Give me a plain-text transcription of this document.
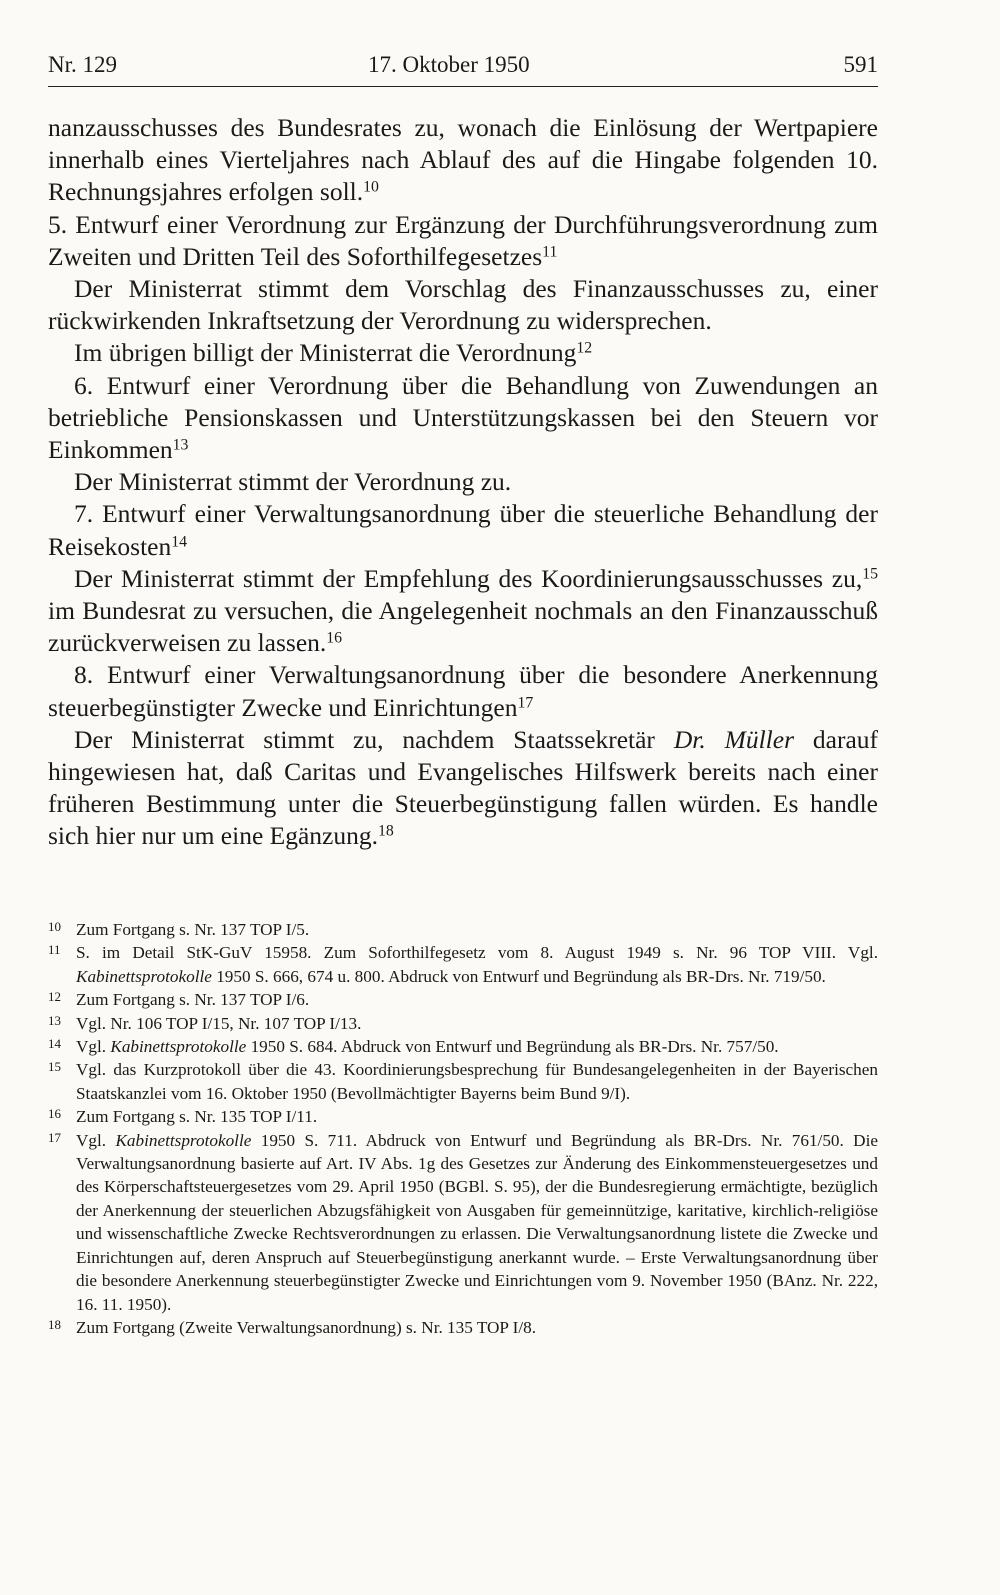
Nr. 129	17. Oktober 1950	591

nanzausschusses des Bundesrates zu, wonach die Einlösung der Wertpapiere innerhalb eines Vierteljahres nach Ablauf des auf die Hingabe folgenden 10. Rechnungsjahres erfolgen soll.$^{10}$

5. Entwurf einer Verordnung zur Ergänzung der Durchführungsverordnung zum Zweiten und Dritten Teil des Soforthilfegesetzes$^{11}$

Der Ministerrat stimmt dem Vorschlag des Finanzausschusses zu, einer rückwirkenden Inkraftsetzung der Verordnung zu widersprechen.

Im übrigen billigt der Ministerrat die Verordnung$^{12}$

6. Entwurf einer Verordnung über die Behandlung von Zuwendungen an betriebliche Pensionskassen und Unterstützungskassen bei den Steuern vor Einkommen$^{13}$

Der Ministerrat stimmt der Verordnung zu.

7. Entwurf einer Verwaltungsanordnung über die steuerliche Behandlung der Reisekosten$^{14}$

Der Ministerrat stimmt der Empfehlung des Koordinierungsausschusses zu,$^{15}$ im Bundesrat zu versuchen, die Angelegenheit nochmals an den Finanzausschuß zurückverweisen zu lassen.$^{16}$

8. Entwurf einer Verwaltungsanordnung über die besondere Anerkennung steuerbegünstigter Zwecke und Einrichtungen$^{17}$

Der Ministerrat stimmt zu, nachdem Staatssekretär Dr. Müller darauf hingewiesen hat, daß Caritas und Evangelisches Hilfswerk bereits nach einer früheren Bestimmung unter die Steuerbegünstigung fallen würden. Es handle sich hier nur um eine Egänzung.$^{18}$

10 Zum Fortgang s. Nr. 137 TOP I/5.
11 S. im Detail StK-GuV 15958. Zum Soforthilfegesetz vom 8. August 1949 s. Nr. 96 TOP VIII. Vgl. Kabinettsprotokolle 1950 S. 666, 674 u. 800. Abdruck von Entwurf und Begründung als BR-Drs. Nr. 719/50.
12 Zum Fortgang s. Nr. 137 TOP I/6.
13 Vgl. Nr. 106 TOP I/15, Nr. 107 TOP I/13.
14 Vgl. Kabinettsprotokolle 1950 S. 684. Abdruck von Entwurf und Begründung als BR-Drs. Nr. 757/50.
15 Vgl. das Kurzprotokoll über die 43. Koordinierungsbesprechung für Bundesangelegenheiten in der Bayerischen Staatskanzlei vom 16. Oktober 1950 (Bevollmächtigter Bayerns beim Bund 9/I).
16 Zum Fortgang s. Nr. 135 TOP I/11.
17 Vgl. Kabinettsprotokolle 1950 S. 711. Abdruck von Entwurf und Begründung als BR-Drs. Nr. 761/50. Die Verwaltungsanordnung basierte auf Art. IV Abs. 1g des Gesetzes zur Änderung des Einkommensteuergesetzes und des Körperschaftsteuergesetzes vom 29. April 1950 (BGBl. S. 95), der die Bundesregierung ermächtigte, bezüglich der Anerkennung der steuerlichen Abzugsfähigkeit von Ausgaben für gemeinnützige, karitative, kirchlich-religiöse und wissenschaftliche Zwecke Rechtsverordnungen zu erlassen. Die Verwaltungsanordnung listete die Zwecke und Einrichtungen auf, deren Anspruch auf Steuerbegünstigung anerkannt wurde. – Erste Verwaltungsanordnung über die besondere Anerkennung steuerbegünstigter Zwecke und Einrichtungen vom 9. November 1950 (BAnz. Nr. 222, 16. 11. 1950).
18 Zum Fortgang (Zweite Verwaltungsanordnung) s. Nr. 135 TOP I/8.
